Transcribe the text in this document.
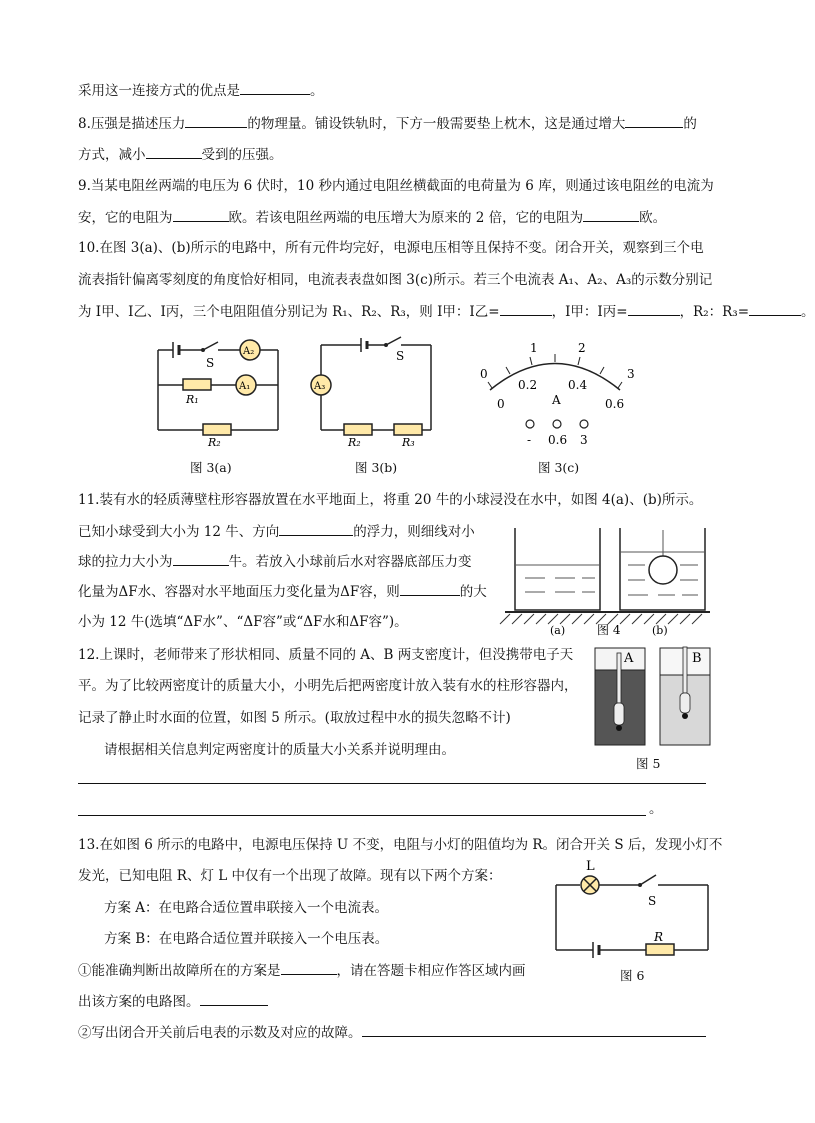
采用这一连接方式的优点是	。
8.压强是描述压力	的物理量。铺设铁轨时，下方一般需要垫上枕木，这是通过增大	的
方式，减小	受到的压强。
9.当某电阻丝两端的电压为 6 伏时，10 秒内通过电阻丝横截面的电荷量为 6 库，则通过该电阻丝的电流为
安，它的电阻为	欧。若该电阻丝两端的电压增大为原来的 2 倍，它的电阻为	欧。
10.在图 3(a)、(b)所示的电路中，所有元件均完好，电源电压相等且保持不变。闭合开关，观察到三个电
流表指针偏离零刻度的角度恰好相同，电流表表盘如图 3(c)所示。若三个电流表 A₁、A₂、A₃的示数分别记
为 I甲、I乙、I丙，三个电阻阻值分别记为 R₁、R₂、R₃，则 I甲：I乙=	，I甲：I丙=	，R₂：R₃=	。
S
A₂
A₁
R₁
R₂
图 3(a)
S
A₃
R₂	R₃
图 3(b)
0
1	2
3
0
0.2	0.4
0.6
A
- 0.6 3
图 3(c)
11.装有水的轻质薄壁柱形容器放置在水平地面上，将重 20 牛的小球浸没在水中，如图 4(a)、(b)所示。
已知小球受到大小为 12 牛、方向	的浮力，则细线对小
球的拉力大小为	牛。若放入小球前后水对容器底部压力变
化量为ΔF水、容器对水平地面压力变化量为ΔF容，则	的大
小为 12 牛(选填“ΔF水”、“ΔF容”或“ΔF水和ΔF容”)。
(a)	(b)
图 4
12.上课时，老师带来了形状相同、质量不同的 A、B 两支密度计，但没携带电子天
平。为了比较两密度计的质量大小，小明先后把两密度计放入装有水的柱形容器内，
记录了静止时水面的位置，如图 5 所示。(取放过程中水的损失忽略不计)
请根据相关信息判定两密度计的质量大小关系并说明理由。
A	B
图 5
。
13.在如图 6 所示的电路中，电源电压保持 U 不变，电阻与小灯的阻值均为 R。闭合开关 S 后，发现小灯不
发光，已知电阻 R、灯 L 中仅有一个出现了故障。现有以下两个方案：
方案 A：在电路合适位置串联接入一个电流表。
方案 B：在电路合适位置并联接入一个电压表。
①能准确判断出故障所在的方案是	，请在答题卡相应作答区域内画
出该方案的电路图。
②写出闭合开关前后电表的示数及对应的故障。
L
S
R
图 6
